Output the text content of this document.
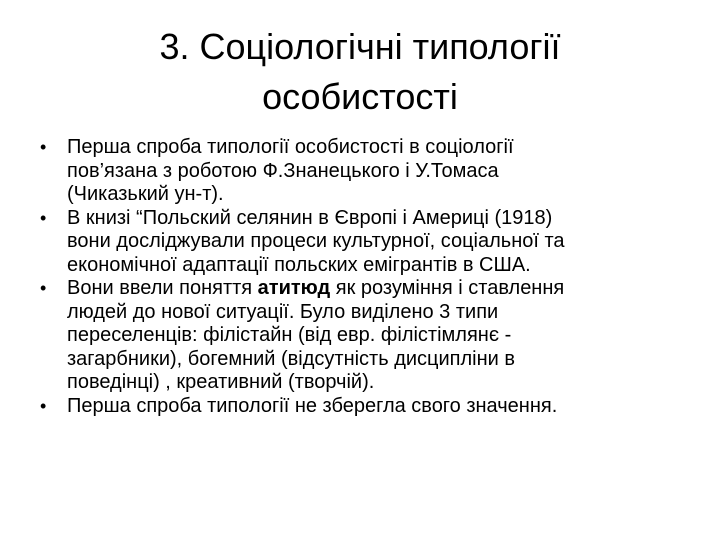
3. Соціологічні типології
особистості
• Перша спроба типології особистості в соціології
пов’язана з роботою Ф.Знанецького і У.Томаса
(Чиказький ун-т).
• В книзі “Польский селянин в Європі і Америці (1918)
вони досліджували процеси культурної, соціальної та
економічної адаптації польских емігрантів в США.
• Вони ввели поняття атитюд як розуміння і ставлення
людей до нової ситуації. Було виділено 3 типи
переселенців: філістайн (від евр. філістімлянє -
загарбники), богемний (відсутність дисципліни в
поведінці) , креативний (творчій).
• Перша спроба типології не зберегла свого значення.
